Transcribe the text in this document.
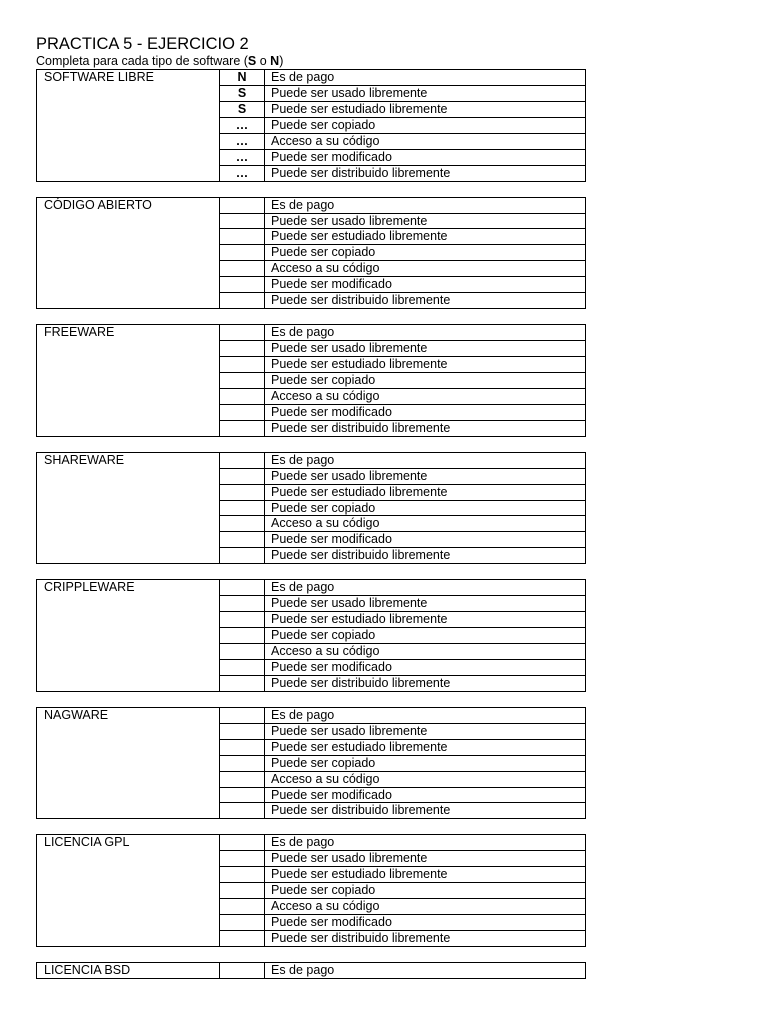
PRACTICA 5 - EJERCICIO 2
Completa para cada tipo de software (S o N)
SOFTWARE LIBRE	N	Es de pago
	S	Puede ser usado libremente
	S	Puede ser estudiado libremente
	…	Puede ser copiado
	…	Acceso a su código
	…	Puede ser modificado
	…	Puede ser distribuido libremente
CÓDIGO ABIERTO		Es de pago
		Puede ser usado libremente
		Puede ser estudiado libremente
		Puede ser copiado
		Acceso a su código
		Puede ser modificado
		Puede ser distribuido libremente
FREEWARE		Es de pago
		Puede ser usado libremente
		Puede ser estudiado libremente
		Puede ser copiado
		Acceso a su código
		Puede ser modificado
		Puede ser distribuido libremente
SHAREWARE		Es de pago
		Puede ser usado libremente
		Puede ser estudiado libremente
		Puede ser copiado
		Acceso a su código
		Puede ser modificado
		Puede ser distribuido libremente
CRIPPLEWARE		Es de pago
		Puede ser usado libremente
		Puede ser estudiado libremente
		Puede ser copiado
		Acceso a su código
		Puede ser modificado
		Puede ser distribuido libremente
NAGWARE		Es de pago
		Puede ser usado libremente
		Puede ser estudiado libremente
		Puede ser copiado
		Acceso a su código
		Puede ser modificado
		Puede ser distribuido libremente
LICENCIA GPL		Es de pago
		Puede ser usado libremente
		Puede ser estudiado libremente
		Puede ser copiado
		Acceso a su código
		Puede ser modificado
		Puede ser distribuido libremente
LICENCIA BSD		Es de pago
